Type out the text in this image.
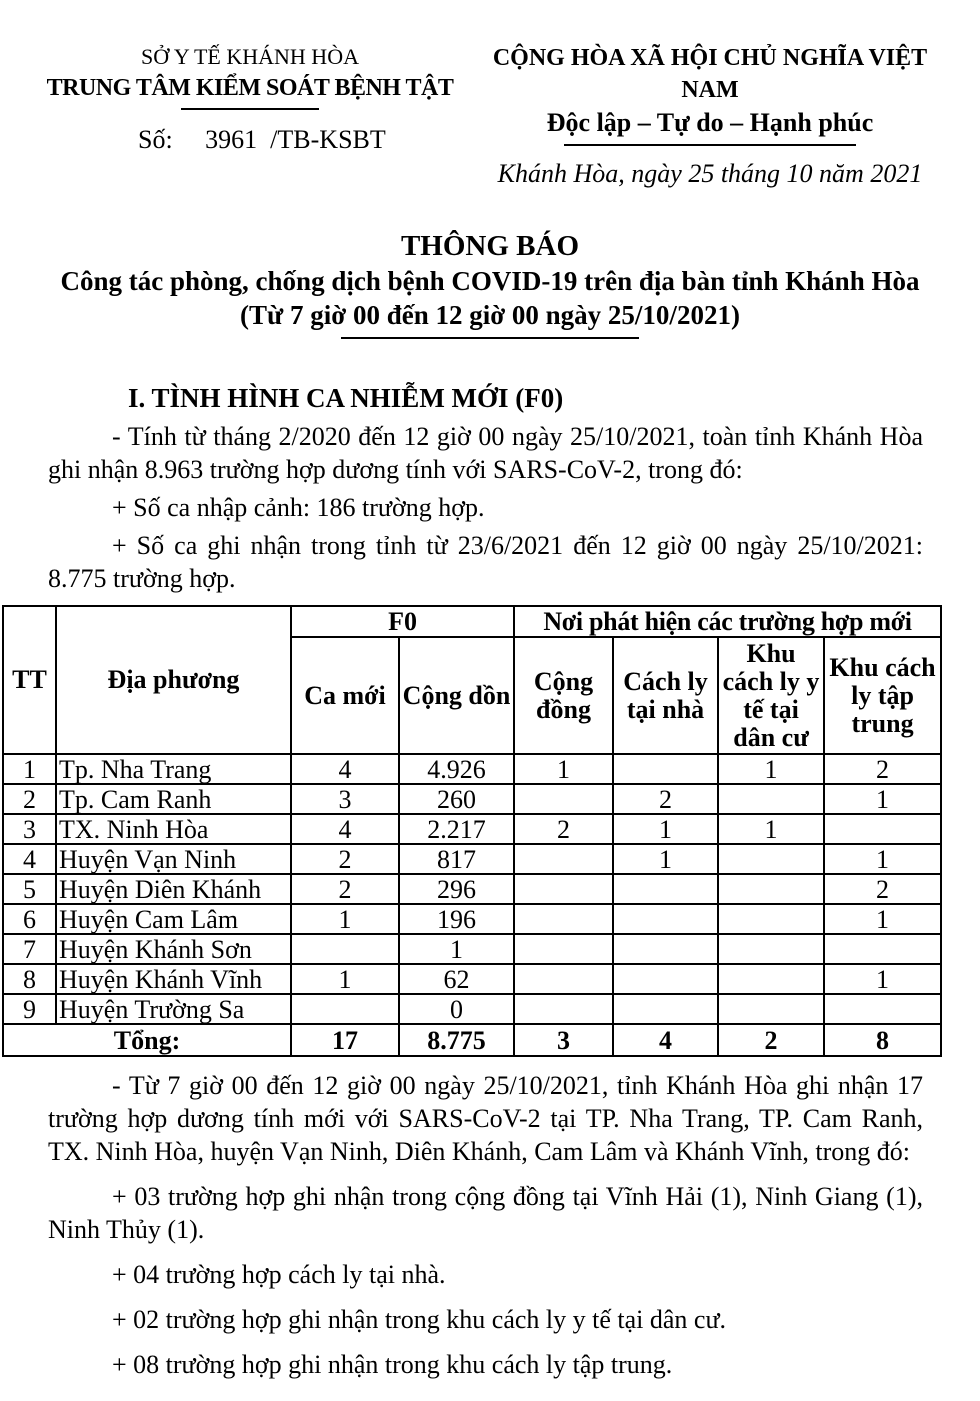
SỞ Y TẾ KHÁNH HÒA
TRUNG TÂM KIỂM SOÁT BỆNH TẬT
Số:     3961  /TB-KSBT
CỘNG HÒA XÃ HỘI CHỦ NGHĨA VIỆT NAM
Độc lập – Tự do – Hạnh phúc
Khánh Hòa, ngày 25 tháng 10 năm 2021
THÔNG BÁO
Công tác phòng, chống dịch bệnh COVID-19 trên địa bàn tỉnh Khánh Hòa
(Từ 7 giờ 00 đến 12 giờ 00 ngày 25/10/2021)
I. TÌNH HÌNH CA NHIỄM MỚI (F0)
- Tính từ tháng 2/2020 đến 12 giờ 00 ngày 25/10/2021, toàn tỉnh Khánh Hòa ghi nhận 8.963 trường hợp dương tính với SARS-CoV-2, trong đó:
+ Số ca nhập cảnh: 186 trường hợp.
+ Số ca ghi nhận trong tỉnh từ 23/6/2021 đến 12 giờ 00 ngày 25/10/2021: 8.775 trường hợp.
TT	Địa phương	F0		Nơi phát hiện các trường hợp mới			
		Ca mới	Cộng dồn	Cộng đồng	Cách ly tại nhà	Khu cách ly y tế tại dân cư	Khu cách ly tập trung
1	Tp. Nha Trang	4	4.926	1		1	2
2	Tp. Cam Ranh	3	260		2		1
3	TX. Ninh Hòa	4	2.217	2	1	1	
4	Huyện Vạn Ninh	2	817		1		1
5	Huyện Diên Khánh	2	296				2
6	Huyện Cam Lâm	1	196				1
7	Huyện Khánh Sơn		1				
8	Huyện Khánh Vĩnh	1	62				1
9	Huyện Trường Sa		0				
Tổng:		17	8.775	3	4	2	8
- Từ 7 giờ 00 đến 12 giờ 00 ngày 25/10/2021, tỉnh Khánh Hòa ghi nhận 17 trường hợp dương tính mới với SARS-CoV-2 tại TP. Nha Trang, TP. Cam Ranh, TX. Ninh Hòa, huyện Vạn Ninh, Diên Khánh, Cam Lâm và Khánh Vĩnh, trong đó:
+ 03 trường hợp ghi nhận trong cộng đồng tại Vĩnh Hải (1), Ninh Giang (1), Ninh Thủy (1).
+ 04 trường hợp cách ly tại nhà.
+ 02 trường hợp ghi nhận trong khu cách ly y tế tại dân cư.
+ 08 trường hợp ghi nhận trong khu cách ly tập trung.
